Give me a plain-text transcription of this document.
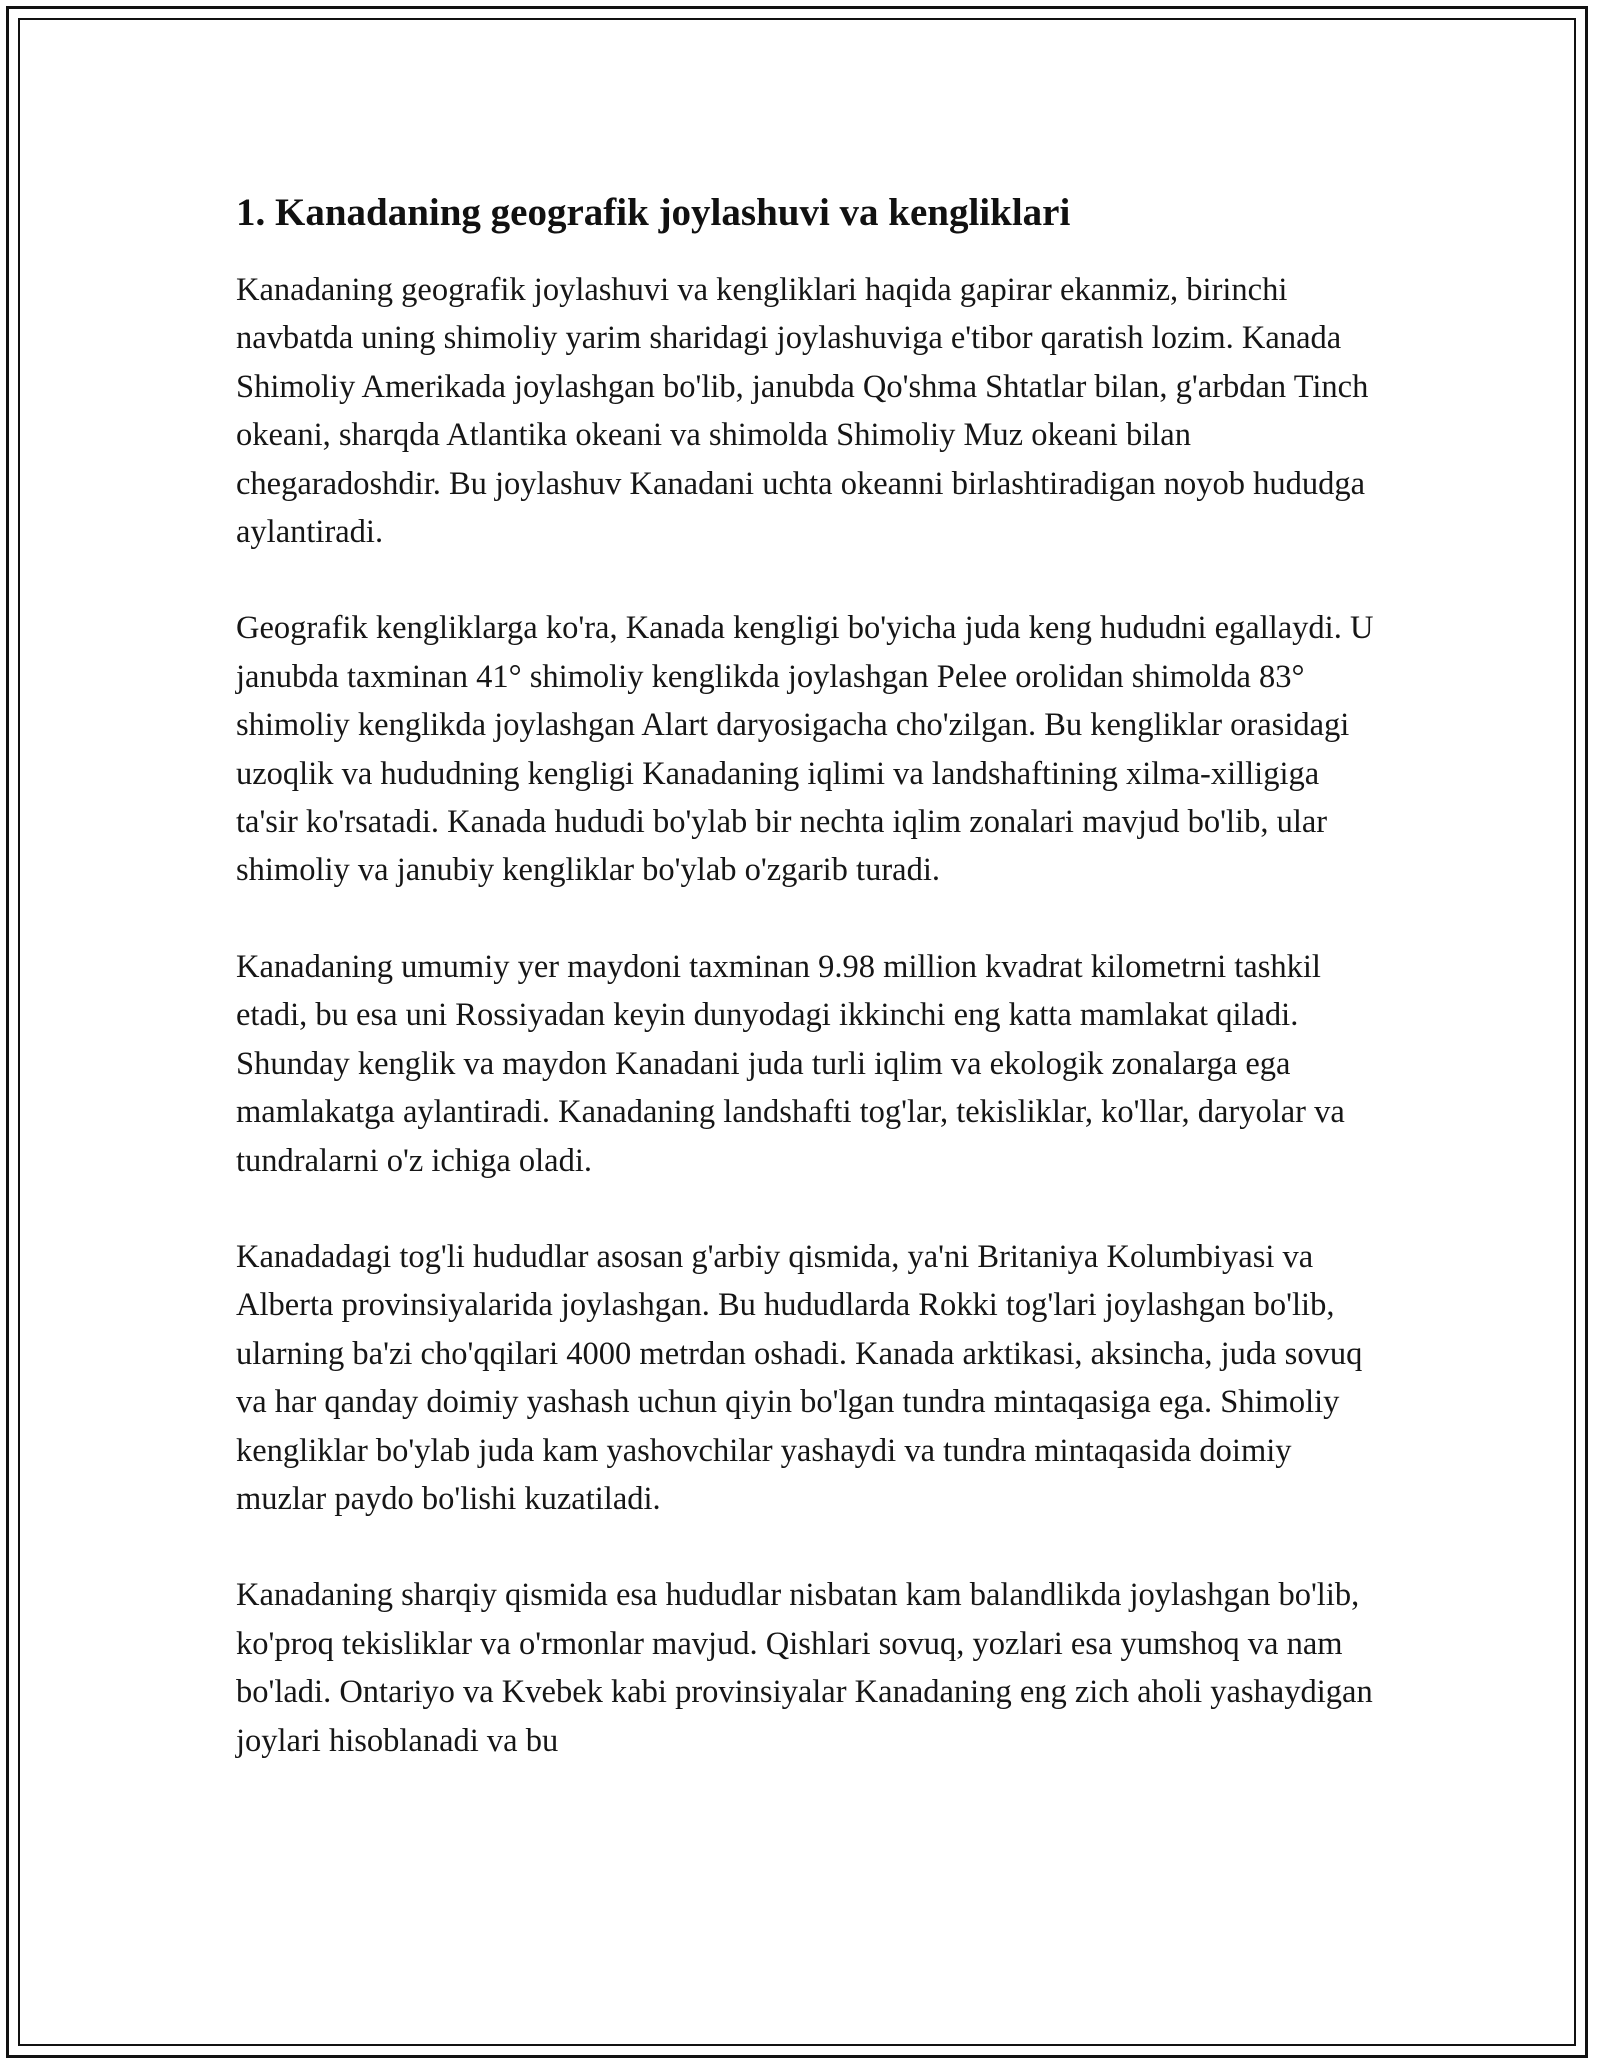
1. Kanadaning geografik joylashuvi va kengliklari

Kanadaning geografik joylashuvi va kengliklari haqida gapirar ekanmiz, birinchi navbatda uning shimoliy yarim sharidagi joylashuviga e'tibor qaratish lozim. Kanada Shimoliy Amerikada joylashgan bo'lib, janubda Qo'shma Shtatlar bilan, g'arbdan Tinch okeani, sharqda Atlantika okeani va shimolda Shimoliy Muz okeani bilan chegaradoshdir. Bu joylashuv Kanadani uchta okeanni birlashtiradigan noyob hududga aylantiradi.

Geografik kengliklarga ko'ra, Kanada kengligi bo'yicha juda keng hududni egallaydi. U janubda taxminan 41° shimoliy kenglikda joylashgan Pelee orolidan shimolda 83° shimoliy kenglikda joylashgan Alart daryosigacha cho'zilgan. Bu kengliklar orasidagi uzoqlik va hududning kengligi Kanadaning iqlimi va landshaftining xilma-xilligiga ta'sir ko'rsatadi. Kanada hududi bo'ylab bir nechta iqlim zonalari mavjud bo'lib, ular shimoliy va janubiy kengliklar bo'ylab o'zgarib turadi.

Kanadaning umumiy yer maydoni taxminan 9.98 million kvadrat kilometrni tashkil etadi, bu esa uni Rossiyadan keyin dunyodagi ikkinchi eng katta mamlakat qiladi. Shunday kenglik va maydon Kanadani juda turli iqlim va ekologik zonalarga ega mamlakatga aylantiradi. Kanadaning landshafti tog'lar, tekisliklar, ko'llar, daryolar va tundralarni o'z ichiga oladi.

Kanadadagi tog'li hududlar asosan g'arbiy qismida, ya'ni Britaniya Kolumbiyasi va Alberta provinsiyalarida joylashgan. Bu hududlarda Rokki tog'lari joylashgan bo'lib, ularning ba'zi cho'qqilari 4000 metrdan oshadi. Kanada arktikasi, aksincha, juda sovuq va har qanday doimiy yashash uchun qiyin bo'lgan tundra mintaqasiga ega. Shimoliy kengliklar bo'ylab juda kam yashovchilar yashaydi va tundra mintaqasida doimiy muzlar paydo bo'lishi kuzatiladi.

Kanadaning sharqiy qismida esa hududlar nisbatan kam balandlikda joylashgan bo'lib, ko'proq tekisliklar va o'rmonlar mavjud. Qishlari sovuq, yozlari esa yumshoq va nam bo'ladi. Ontariyo va Kvebek kabi provinsiyalar Kanadaning eng zich aholi yashaydigan joylari hisoblanadi va bu
